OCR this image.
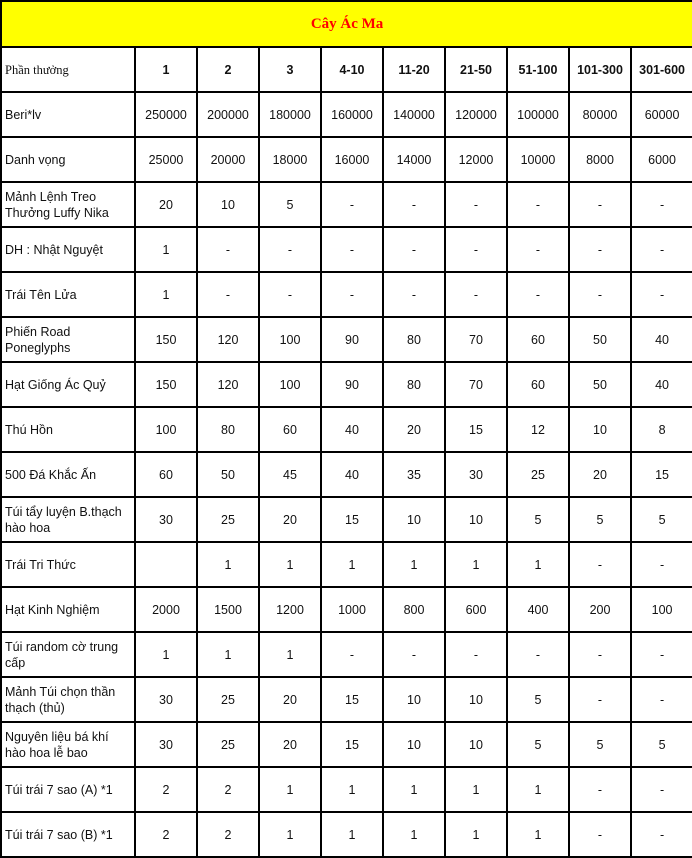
Cây Ác Ma									
Phần thưởng	1	2	3	4-10	11-20	21-50	51-100	101-300	301-600
Beri*lv	250000	200000	180000	160000	140000	120000	100000	80000	60000
Danh vọng	25000	20000	18000	16000	14000	12000	10000	8000	6000
Mảnh Lệnh Treo Thưởng Luffy Nika	20	10	5	-	-	-	-	-	-
DH : Nhật Nguyệt	1	-	-	-	-	-	-	-	-
Trái Tên Lửa	1	-	-	-	-	-	-	-	-
Phiến Road Poneglyphs	150	120	100	90	80	70	60	50	40
Hạt Giống Ác Quỷ	150	120	100	90	80	70	60	50	40
Thú Hồn	100	80	60	40	20	15	12	10	8
500 Đá Khắc Ấn	60	50	45	40	35	30	25	20	15
Túi tẩy luyện B.thạch hào hoa	30	25	20	15	10	10	5	5	5
Trái Tri Thức		1	1	1	1	1	1	-	-
Hạt Kinh Nghiệm	2000	1500	1200	1000	800	600	400	200	100
Túi random cờ trung cấp	1	1	1	-	-	-	-	-	-
Mảnh Túi chọn thần thạch (thủ)	30	25	20	15	10	10	5	-	-
Nguyên liệu bá khí hào hoa lễ bao	30	25	20	15	10	10	5	5	5
Túi trái 7 sao (A) *1	2	2	1	1	1	1	1	-	-
Túi trái 7 sao (B) *1	2	2	1	1	1	1	1	-	-
